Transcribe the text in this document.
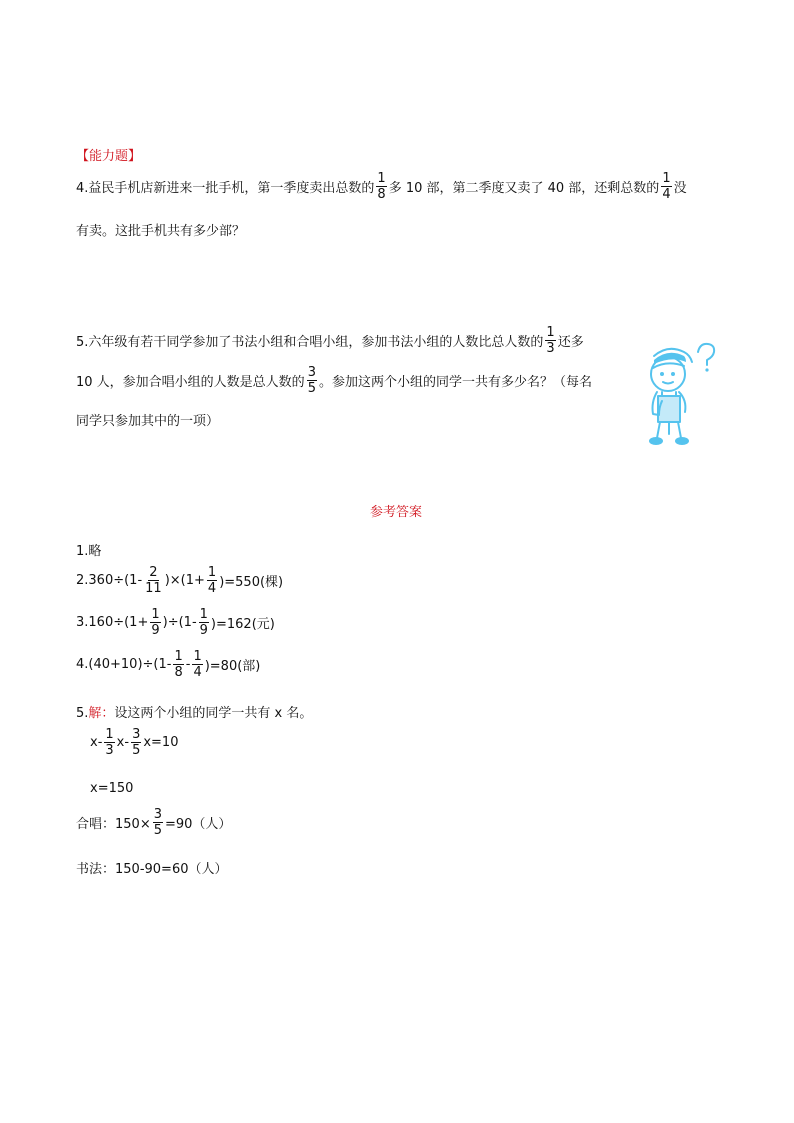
【能力题】
4.益民手机店新进来一批手机，第一季度卖出总数的 $\frac{1}{8}$ 多 10 部，第二季度又卖了 40 部，还剩总数的 $\frac{1}{4}$ 没
有卖。这批手机共有多少部？
5.六年级有若干同学参加了书法小组和合唱小组，参加书法小组的人数比总人数的 $\frac{1}{3}$ 还多
10 人，参加合唱小组的人数是总人数的 $\frac{3}{5}$ 。参加这两个小组的同学一共有多少名？（每名
同学只参加其中的一项）
参考答案
1.略
$2.360\div(1- \frac{2}{11} )\times(1+ \frac{1}{4} )=550$(棵)
$3.160\div(1+ \frac{1}{9} )\div(1- \frac{1}{9} )=162$(元)
$4.(40+10)\div(1- \frac{1}{8} - \frac{1}{4} )=80$(部)
5.解：设这两个小组的同学一共有 x 名。
$x- \frac{1}{3} x- \frac{3}{5} x=10$
x=150
合唱：$150\times \frac{3}{5} =90$（人）
书法：150-90=60（人）
